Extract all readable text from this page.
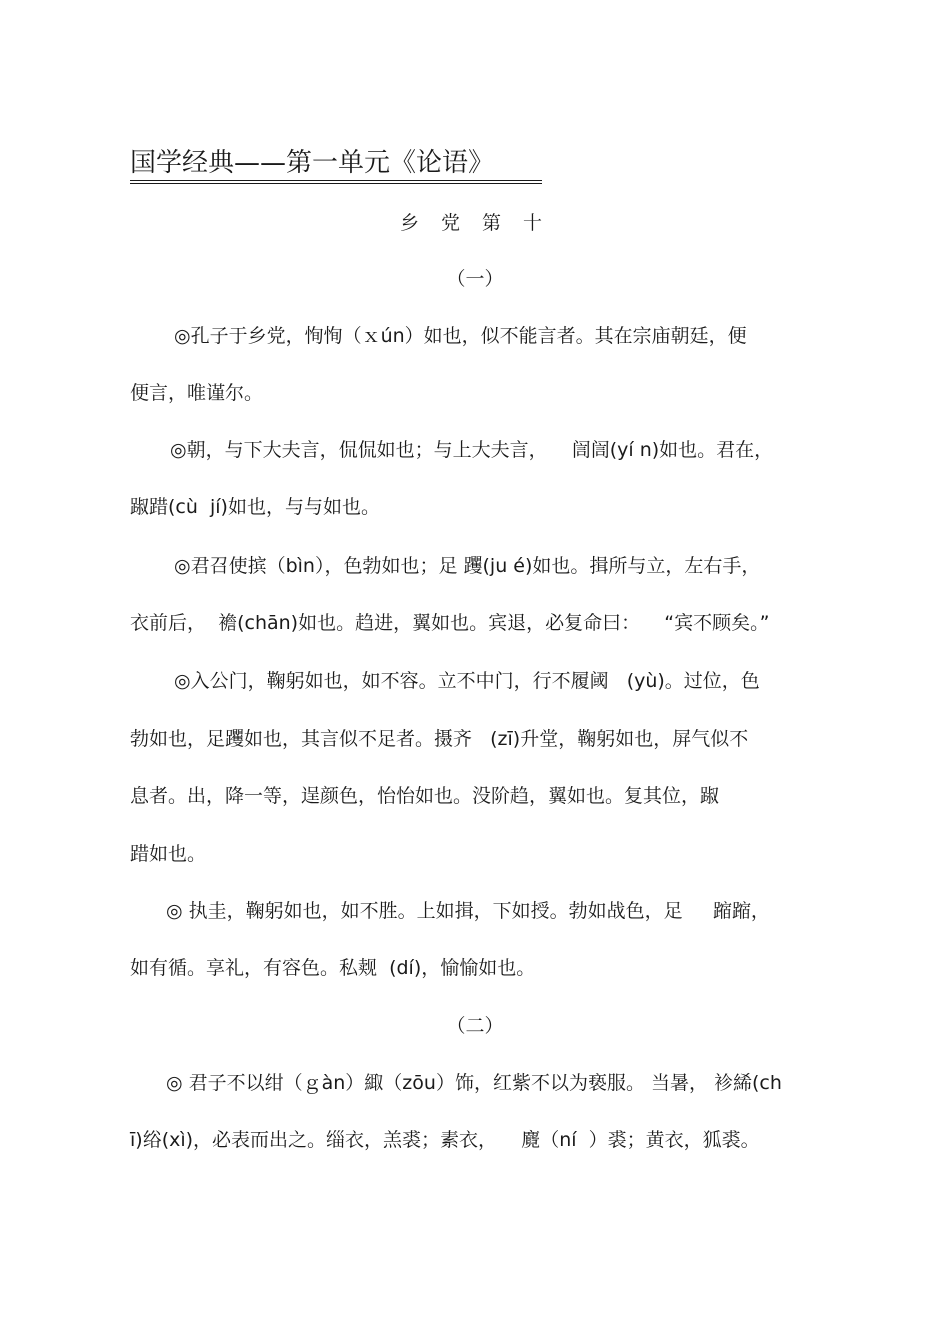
国学经典——第一单元《论语》
乡 党 第 十
（一）
◎孔子于乡党，恂恂（ｘún）如也，似不能言者。其在宗庙朝廷，便
便言，唯谨尔。
◎朝，与下大夫言，侃侃如也；与上大夫言，    訚訚(yí n)如也。君在，
踧踖(cù  jí)如也，与与如也。
◎君召使摈（bìn），色勃如也；足 躩(ju é)如也。揖所与立，左右手，
衣前后，  襜(chān)如也。趋进，翼如也。宾退，必复命曰：    “宾不顾矣。”
◎入公门，鞠躬如也，如不容。立不中门，行不履阈   (yù)。过位，色
勃如也，足躩如也，其言似不足者。摄齐   (zī)升堂，鞠躬如也，屏气似不
息者。出，降一等，逞颜色，怡怡如也。没阶趋，翼如也。复其位，踧
踖如也。
◎ 执圭，鞠躬如也，如不胜。上如揖，下如授。勃如战色，足     蹜蹜，
如有循。享礼，有容色。私觌  (dí)，愉愉如也。
（二）
◎ 君子不以绀（ｇàn）緅（zōu）饰，红紫不以为亵服。 当暑， 袗絺(ch
ī)绤(xì)，必表而出之。缁衣，羔裘；素衣，    麑（ní  ）裘；黄衣，狐裘。
